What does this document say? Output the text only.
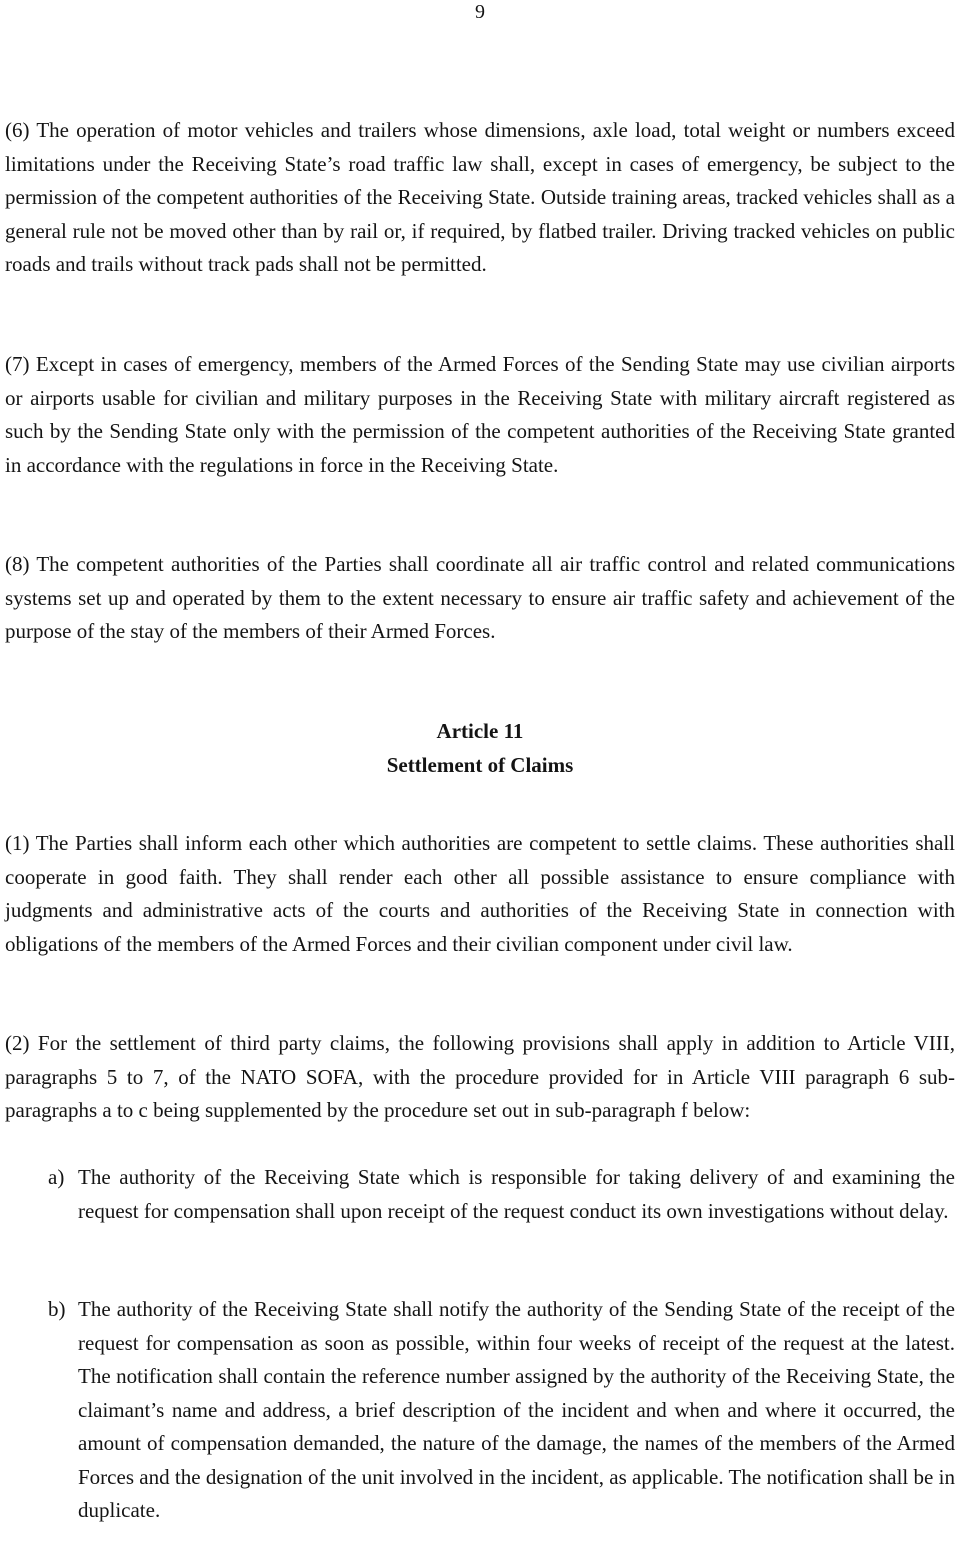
9

(6) The operation of motor vehicles and trailers whose dimensions, axle load, total weight or numbers exceed limitations under the Receiving State’s road traffic law shall, except in cases of emergency, be subject to the permission of the competent authorities of the Receiving State. Outside training areas, tracked vehicles shall as a general rule not be moved other than by rail or, if required, by flatbed trailer. Driving tracked vehicles on public roads and trails without track pads shall not be permitted.

(7) Except in cases of emergency, members of the Armed Forces of the Sending State may use civilian airports or airports usable for civilian and military purposes in the Receiving State with military aircraft registered as such by the Sending State only with the permission of the competent authorities of the Receiving State granted in accordance with the regulations in force in the Receiving State.

(8) The competent authorities of the Parties shall coordinate all air traffic control and related communications systems set up and operated by them to the extent necessary to ensure air traffic safety and achievement of the purpose of the stay of the members of their Armed Forces.

Article 11
Settlement of Claims

(1) The Parties shall inform each other which authorities are competent to settle claims. These authorities shall cooperate in good faith. They shall render each other all possible assistance to ensure compliance with judgments and administrative acts of the courts and authorities of the Receiving State in connection with obligations of the members of the Armed Forces and their civilian component under civil law.

(2) For the settlement of third party claims, the following provisions shall apply in addition to Article VIII, paragraphs 5 to 7, of the NATO SOFA, with the procedure provided for in Article VIII paragraph 6 sub-paragraphs a to c being supplemented by the procedure set out in sub-paragraph f below:

a) The authority of the Receiving State which is responsible for taking delivery of and examining the request for compensation shall upon receipt of the request conduct its own investigations without delay.
b) The authority of the Receiving State shall notify the authority of the Sending State of the receipt of the request for compensation as soon as possible, within four weeks of receipt of the request at the latest. The notification shall contain the reference number assigned by the authority of the Receiving State, the claimant’s name and address, a brief description of the incident and when and where it occurred, the amount of compensation demanded, the nature of the damage, the names of the members of the Armed Forces and the designation of the unit involved in the incident, as applicable. The notification shall be in duplicate.
